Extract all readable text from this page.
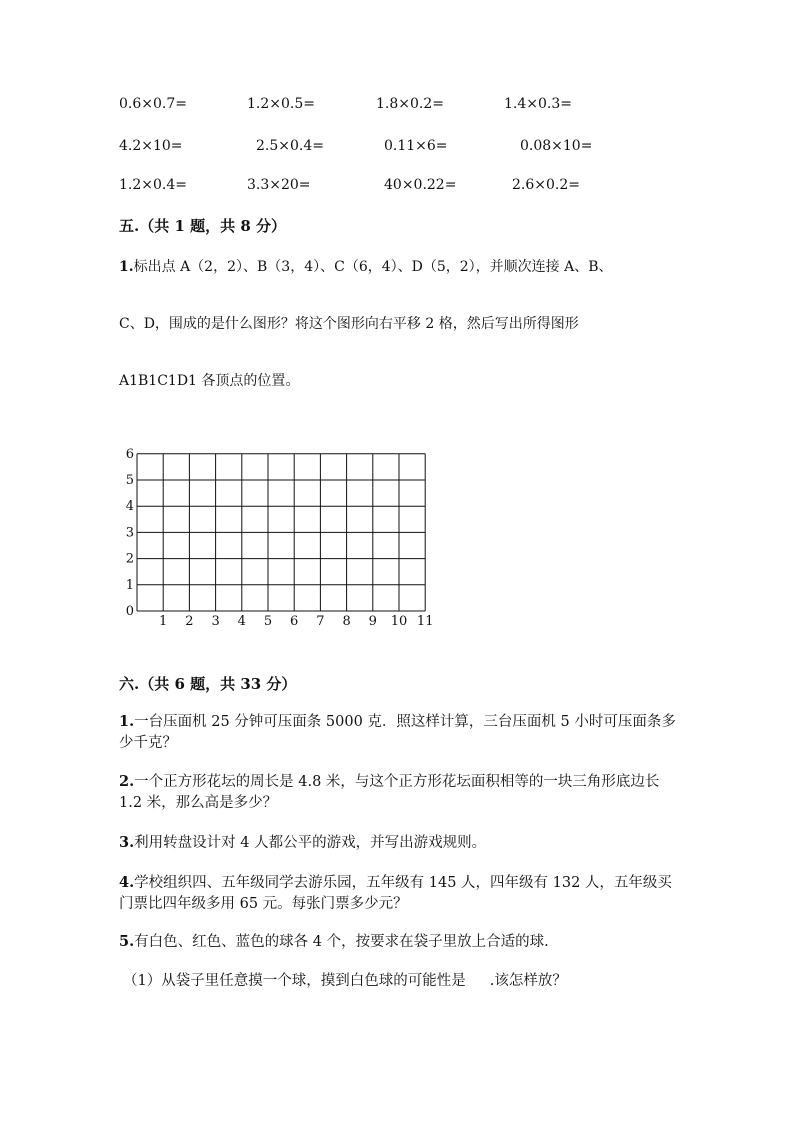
0.6×0.7=	1.2×0.5=	1.8×0.2=	1.4×0.3=
4.2×10=	2.5×0.4=	0.11×6=	0.08×10=
1.2×0.4=	3.3×20=	40×0.22=	2.6×0.2=
五.（共 1 题，共 8 分）
1.标出点 A（2，2）、B（3，4）、C（6，4）、D（5，2），并顺次连接 A、B、
C、D，围成的是什么图形？将这个图形向右平移 2 格，然后写出所得图形
A1B1C1D1 各顶点的位置。
1 2 3 4 5 6 7 8 9 10 11
0
1
2
3
4
5
6
六.（共 6 题，共 33 分）
1.一台压面机 25 分钟可压面条 5000 克．照这样计算，三台压面机 5 小时可压面条多少千克？
2.一个正方形花坛的周长是 4.8 米，与这个正方形花坛面积相等的一块三角形底边长 1.2 米，那么高是多少？
3.利用转盘设计对 4 人都公平的游戏，并写出游戏规则。
4.学校组织四、五年级同学去游乐园，五年级有 145 人，四年级有 132 人，五年级买门票比四年级多用 65 元。每张门票多少元？
5.有白色、红色、蓝色的球各 4 个，按要求在袋子里放上合适的球.
（1）从袋子里任意摸一个球，摸到白色球的可能性是 .该怎样放？
